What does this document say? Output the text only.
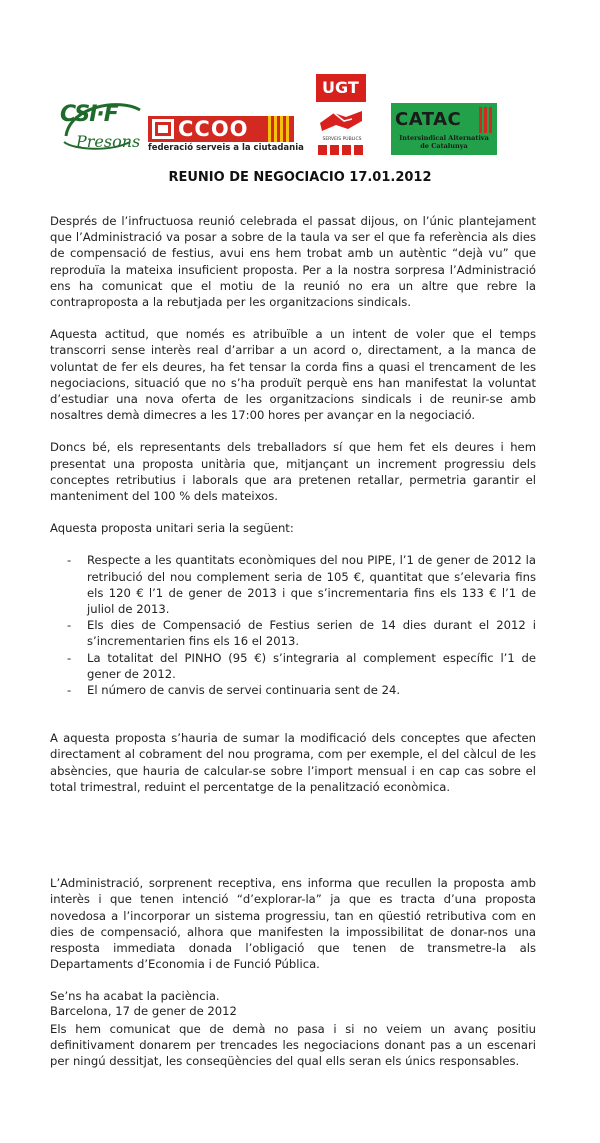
CSI·F
Presons
CCOO
federació serveis a la ciutadania
UGT
SERVEIS PÚBLICS
CATAC
Intersindical Alternativa de Catalunya
REUNIO DE NEGOCIACIO 17.01.2012

Després de l’infructuosa reunió celebrada el passat dijous, on l’únic plantejament que l’Administració va posar a sobre de la taula va ser el que fa referència als dies de compensació de festius, avui ens hem trobat amb un autèntic “dejà vu” que reproduïa la mateixa insuficient proposta. Per a la nostra sorpresa l’Administració ens ha comunicat que el motiu de la reunió no era un altre que rebre la contraproposta a la rebutjada per les organitzacions sindicals.

Aquesta actitud, que només es atribuïble a un intent de voler que el temps transcorri sense interès real d’arribar a un acord o, directament, a la manca de voluntat de fer els deures, ha fet tensar la corda fins a quasi el trencament de les negociacions, situació que no s’ha produït perquè ens han manifestat la voluntat d’estudiar una nova oferta de les organitzacions sindicals i de reunir-se amb nosaltres demà dimecres a les 17:00 hores per avançar en la negociació.

Doncs bé, els representants dels treballadors sí que hem fet els deures i hem presentat una proposta unitària que, mitjançant un increment progressiu dels conceptes retributius i laborals que ara pretenen retallar, permetria garantir el manteniment del 100 % dels mateixos.

Aquesta proposta unitari seria la següent:

- Respecte a les quantitats econòmiques del nou PIPE, l’1 de gener de 2012 la retribució del nou complement seria de 105 €, quantitat que s’elevaria fins els 120 € l’1 de gener de 2013 i que s’incrementaria fins els 133 € l’1 de juliol de 2013.
- Els dies de Compensació de Festius serien de 14 dies durant el 2012 i s’incrementarien fins els 16 el 2013.
- La totalitat del PINHO (95 €) s’integraria al complement específic l’1 de gener de 2012.
- El número de canvis de servei continuaria sent de 24.

A aquesta proposta s’hauria de sumar la modificació dels conceptes que afecten directament al cobrament del nou programa, com per exemple, el del càlcul de les absències, que hauria de calcular-se sobre l’import mensual i en cap cas sobre el total trimestral, reduint el percentatge de la penalització econòmica.

L’Administració, sorprenent receptiva, ens informa que recullen la proposta amb interès i que tenen intenció “d’explorar-la” ja que es tracta d’una proposta novedosa a l’incorporar un sistema progressiu, tan en qüestió retributiva com en dies de compensació, alhora que manifesten la impossibilitat de donar-nos una resposta immediata donada l’obligació que tenen de transmetre-la als Departaments d’Economia i de Funció Pública.

Se’ns ha acabat la paciència.

Els hem comunicat que de demà no pasa i si no veiem un avanç positiu definitivament donarem per trencades les negociacions donant pas a un escenari per ningú dessitjat, les conseqüències del qual ells seran els únics responsables.

Barcelona, 17 de gener de 2012
